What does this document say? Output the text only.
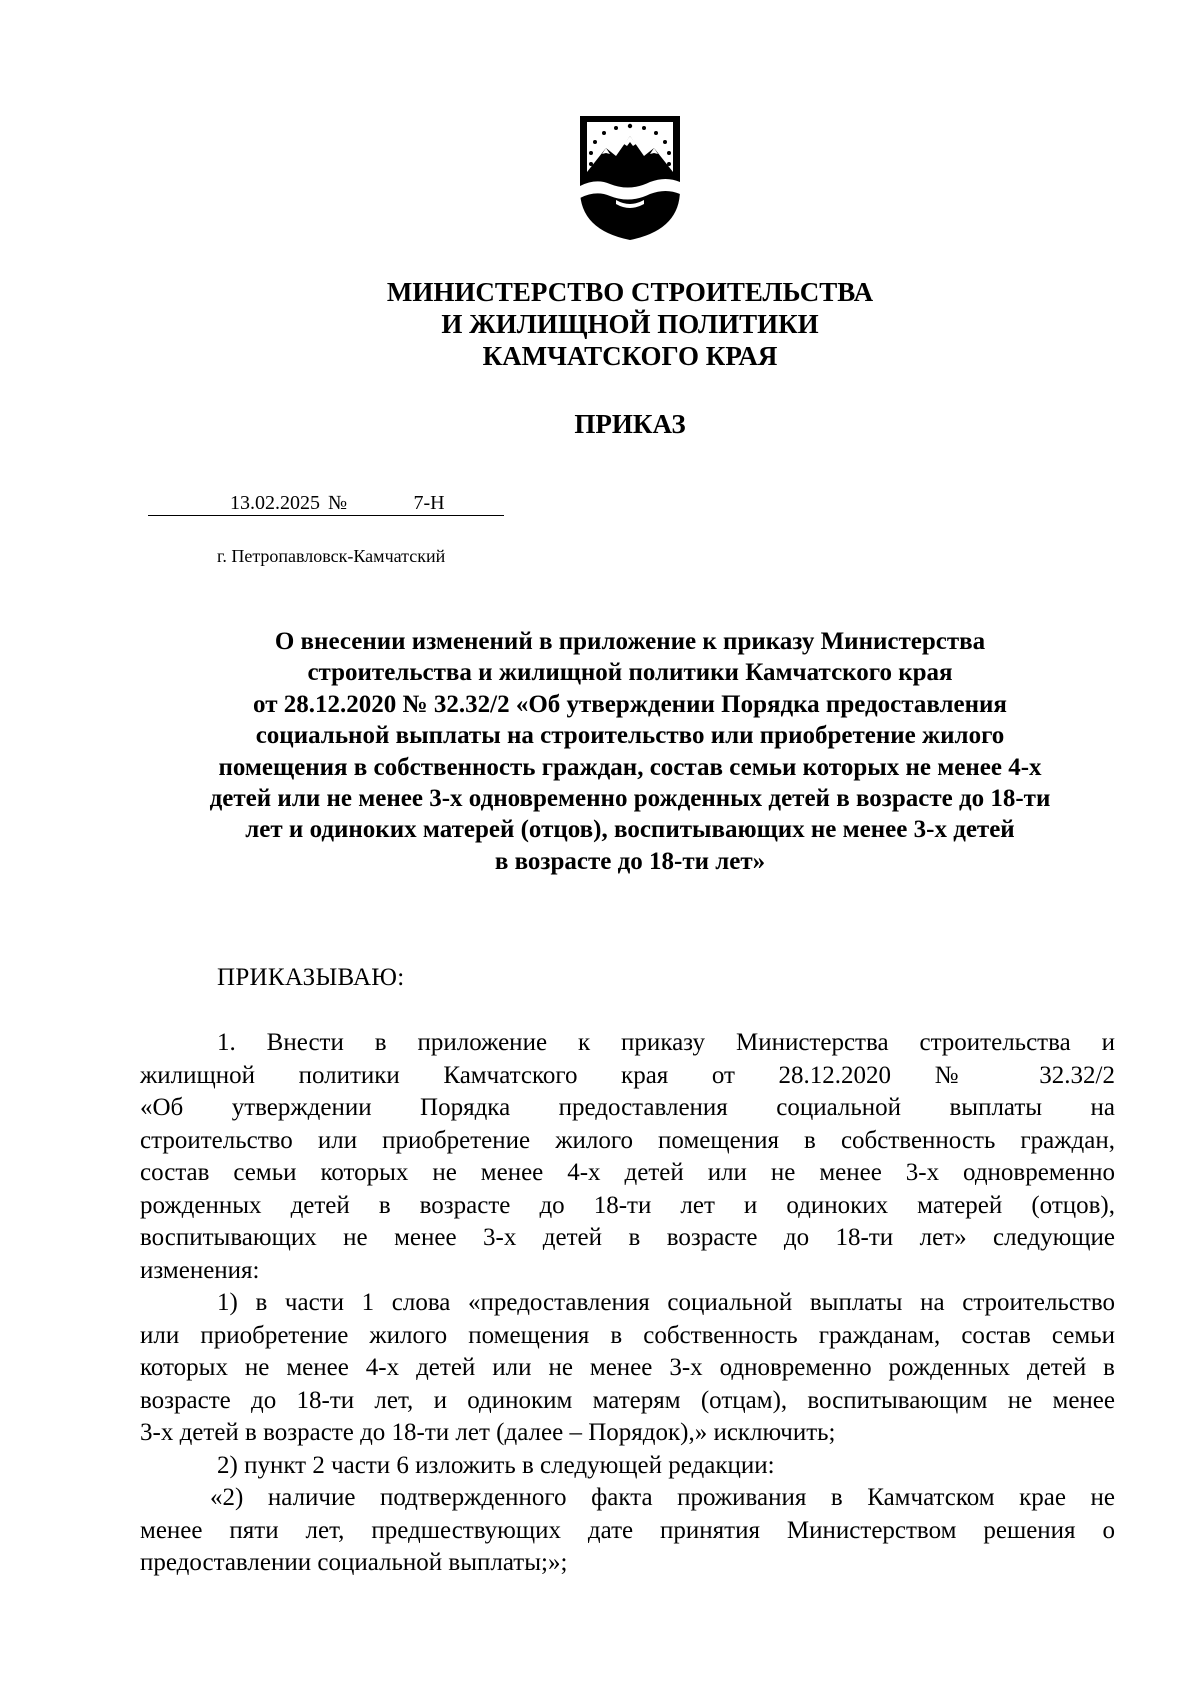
МИНИСТЕРСТВО СТРОИТЕЛЬСТВА
И ЖИЛИЩНОЙ ПОЛИТИКИ
КАМЧАТСКОГО КРАЯ
ПРИКАЗ
13.02.2025 №	7-Н
г. Петропавловск-Камчатский
О внесении изменений в приложение к приказу Министерства
строительства и жилищной политики Камчатского края
от 28.12.2020 № 32.32/2 «Об утверждении Порядка предоставления
социальной выплаты на строительство или приобретение жилого
помещения в собственность граждан, состав семьи которых не менее 4-х
детей или не менее 3-х одновременно рожденных детей в возрасте до 18-ти
лет и одиноких матерей (отцов), воспитывающих не менее 3-х детей
в возрасте до 18-ти лет»
ПРИКАЗЫВАЮ:
1. Внести в приложение к приказу Министерства строительства и
жилищной политики Камчатского края от 28.12.2020 № 32.32/2
«Об утверждении Порядка предоставления социальной выплаты на
строительство или приобретение жилого помещения в собственность граждан,
состав семьи которых не менее 4-х детей или не менее 3-х одновременно
рожденных детей в возрасте до 18-ти лет и одиноких матерей (отцов),
воспитывающих не менее 3-х детей в возрасте до 18-ти лет» следующие
изменения:
1) в части 1 слова «предоставления социальной выплаты на строительство
или приобретение жилого помещения в собственность гражданам, состав семьи
которых не менее 4-х детей или не менее 3-х одновременно рожденных детей в
возрасте до 18-ти лет, и одиноким матерям (отцам), воспитывающим не менее
3-х детей в возрасте до 18-ти лет (далее – Порядок),» исключить;
2) пункт 2 части 6 изложить в следующей редакции:
«2) наличие подтвержденного факта проживания в Камчатском крае не
менее пяти лет, предшествующих дате принятия Министерством решения о
предоставлении социальной выплаты;»;
